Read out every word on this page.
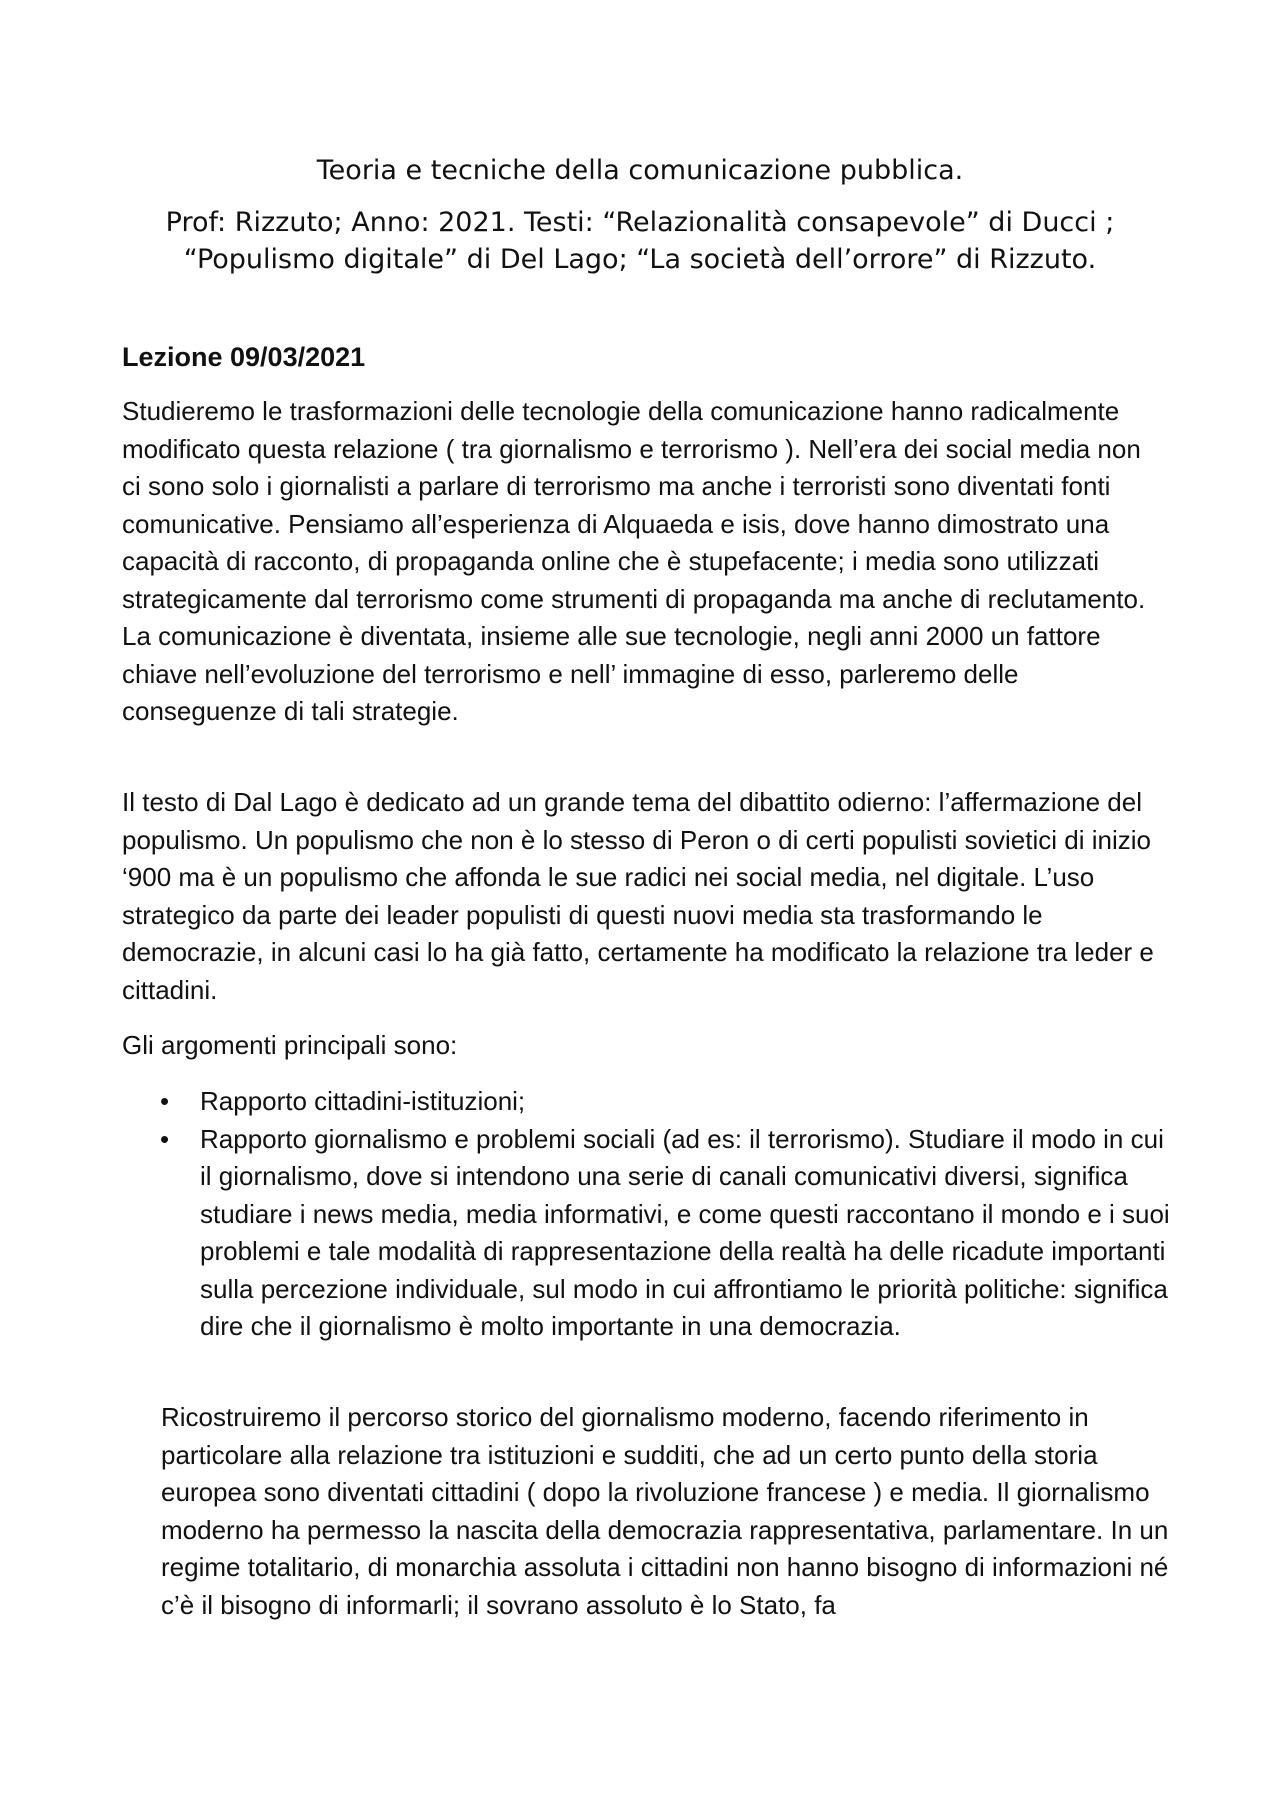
Teoria e tecniche della comunicazione pubblica.

Prof: Rizzuto; Anno: 2021. Testi: “Relazionalità consapevole” di Ducci ; “Populismo digitale” di Del Lago; “La società dell’orrore” di Rizzuto.

Lezione 09/03/2021

Studieremo le trasformazioni delle tecnologie della comunicazione hanno radicalmente modificato questa relazione ( tra giornalismo e terrorismo ). Nell’era dei social media non ci sono solo i giornalisti a parlare di terrorismo ma anche i terroristi sono diventati fonti comunicative. Pensiamo all’esperienza di Alquaeda e isis, dove hanno dimostrato una capacità di racconto, di propaganda online che è stupefacente; i media sono utilizzati strategicamente dal terrorismo come strumenti di propaganda ma anche di reclutamento. La comunicazione è diventata, insieme alle sue tecnologie, negli anni 2000 un fattore chiave nell’evoluzione del terrorismo e nell’ immagine di esso, parleremo delle conseguenze di tali strategie.

Il testo di Dal Lago è dedicato ad un grande tema del dibattito odierno: l’affermazione del populismo. Un populismo che non è lo stesso di Peron o di certi populisti sovietici di inizio ‘900 ma è un populismo che affonda le sue radici nei social media, nel digitale. L’uso strategico da parte dei leader populisti di questi nuovi media sta trasformando le democrazie, in alcuni casi lo ha già fatto, certamente ha modificato la relazione tra leder e cittadini.

Gli argomenti principali sono:

• Rapporto cittadini-istituzioni;
• Rapporto giornalismo e problemi sociali (ad es: il terrorismo). Studiare il modo in cui il giornalismo, dove si intendono una serie di canali comunicativi diversi, significa studiare i news media, media informativi, e come questi raccontano il mondo e i suoi problemi e tale modalità di rappresentazione della realtà ha delle ricadute importanti sulla percezione individuale, sul modo in cui affrontiamo le priorità politiche: significa dire che il giornalismo è molto importante in una democrazia.

Ricostruiremo il percorso storico del giornalismo moderno, facendo riferimento in particolare alla relazione tra istituzioni e sudditi, che ad un certo punto della storia europea sono diventati cittadini ( dopo la rivoluzione francese ) e media. Il giornalismo moderno ha permesso la nascita della democrazia rappresentativa, parlamentare. In un regime totalitario, di monarchia assoluta i cittadini non hanno bisogno di informazioni né c’è il bisogno di informarli; il sovrano assoluto è lo Stato, fa
